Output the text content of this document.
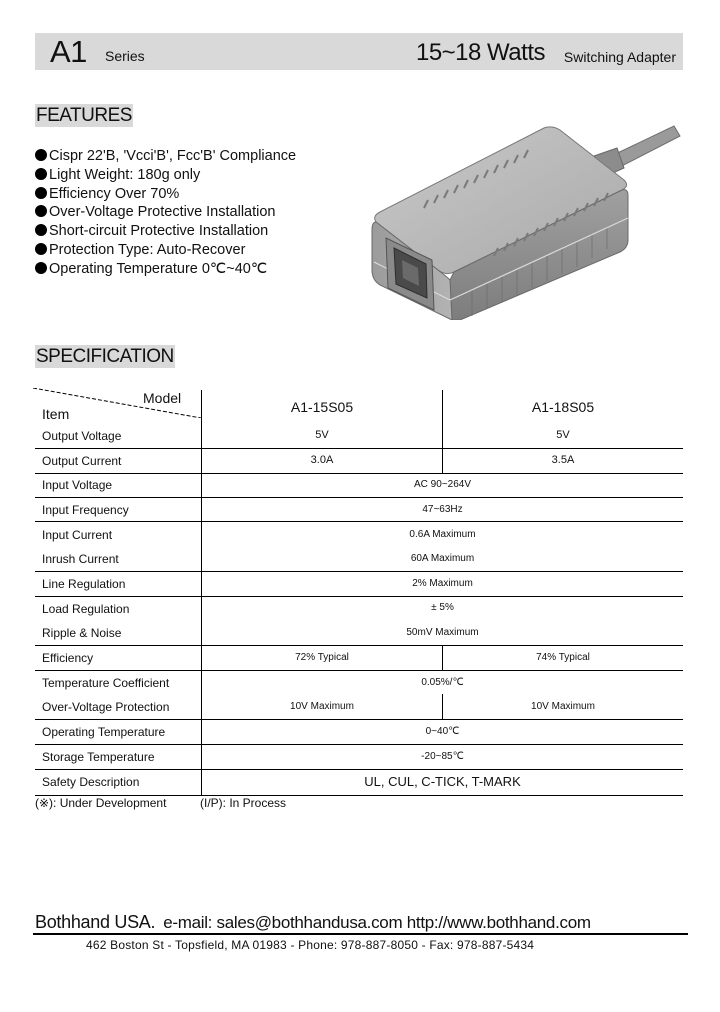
A1 Series	15~18 Watts Switching Adapter
FEATURES
Cispr 22'B, 'Vcci'B', Fcc'B' Compliance
Light Weight: 180g only
Efficiency Over 70%
Over-Voltage Protective Installation
Short-circuit Protective Installation
Protection Type: Auto-Recover
Operating Temperature 0℃~40℃
SPECIFICATION
Model
Item	A1-15S05	A1-18S05
Output Voltage	5V	5V
Output Current	3.0A	3.5A
Input Voltage	AC 90~264V
Input Frequency	47~63Hz
Input Current	0.6A Maximum
Inrush Current	60A Maximum
Line Regulation	2% Maximum
Load Regulation	± 5%
Ripple & Noise	50mV Maximum
Efficiency	72% Typical	74% Typical
Temperature Coefficient	0.05%/℃
Over-Voltage Protection	10V Maximum	10V Maximum
Operating Temperature	0~40℃
Storage Temperature	-20~85℃
Safety Description	UL, CUL, C-TICK, T-MARK
(※): Under Development	(I/P): In Process
Bothhand USA. e-mail: sales@bothhandusa.com http://www.bothhand.com
462 Boston St - Topsfield, MA 01983 - Phone: 978-887-8050 - Fax: 978-887-5434
